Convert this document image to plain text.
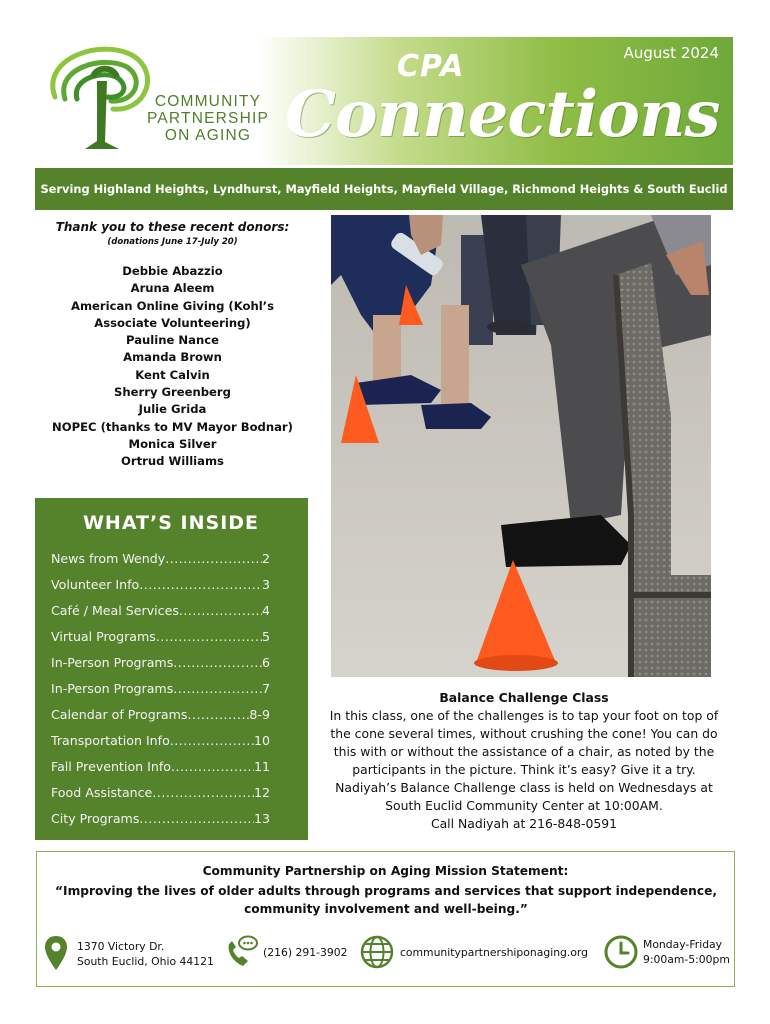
COMMUNITY
PARTNERSHIP
ON AGING
CPA
Connections
August 2024
Serving Highland Heights, Lyndhurst, Mayfield Heights, Mayfield Village, Richmond Heights & South Euclid
Thank you to these recent donors:
(donations June 17-July 20)
Debbie Abazzio
Aruna Aleem
American Online Giving (Kohl’s
Associate Volunteering)
Pauline Nance
Amanda Brown
Kent Calvin
Sherry Greenberg
Julie Grida
NOPEC (thanks to MV Mayor Bodnar)
Monica Silver
Ortrud Williams
WHAT’S INSIDE
News from Wendy .....	2
Volunteer Info .....	3
Café / Meal Services .....	4
Virtual Programs .....	5
In-Person Programs .....	6
In-Person Programs .....	7
Calendar of Programs .....	8-9
Transportation Info .....	10
Fall Prevention Info .....	11
Food Assistance .....	12
City Programs .....	13
Balance Challenge Class
In this class, one of the challenges is to tap your foot on top of
the cone several times, without crushing the cone! You can do
this with or without the assistance of a chair, as noted by the
participants in the picture. Think it’s easy? Give it a try.
Nadiyah’s Balance Challenge class is held on Wednesdays at
South Euclid Community Center at 10:00AM.
Call Nadiyah at 216-848-0591
Community Partnership on Aging Mission Statement:
“Improving the lives of older adults through programs and services that support independence,
community involvement and well-being.”
1370 Victory Dr.
South Euclid, Ohio 44121
(216) 291-3902	communitypartnershiponaging.org
Monday-Friday
9:00am-5:00pm
